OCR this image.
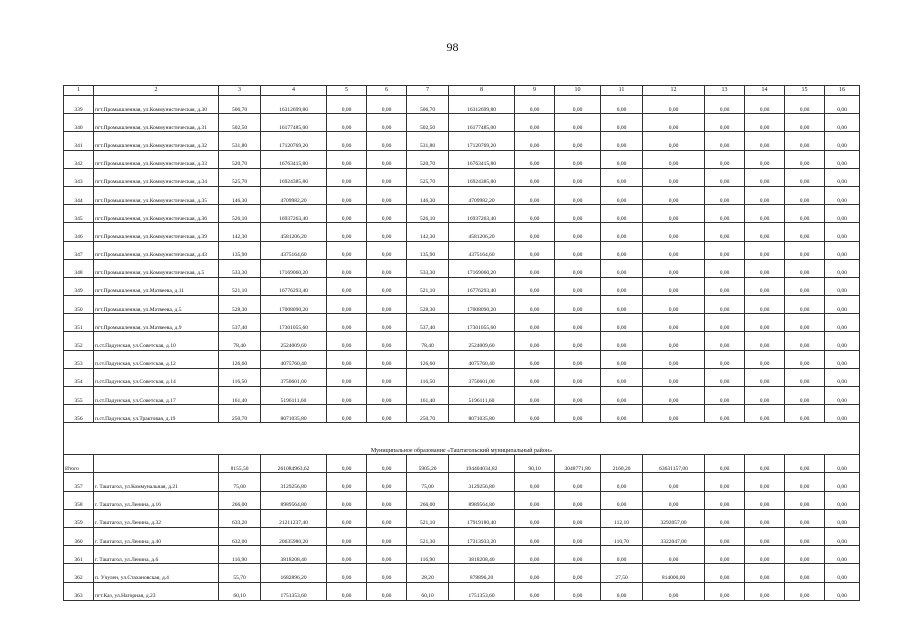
98
1	2	3	4	5	6	7	8	9	10	11	12	13	14	15	16
339	пгт.Промышленная, ул.Коммунистическая, д.30	506,70	16312699,80	0,00	0,00	506,70	16312699,80	0,00	0,00	0,00	0,00	0,00	0,00	0,00	0,00
340	пгт.Промышленная, ул.Коммунистическая, д.31	502,50	16177485,00	0,00	0,00	502,50	16177485,00	0,00	0,00	0,00	0,00	0,00	0,00	0,00	0,00
341	пгт.Промышленная, ул.Коммунистическая, д.32	531,80	17120769,20	0,00	0,00	531,80	17120769,20	0,00	0,00	0,00	0,00	0,00	0,00	0,00	0,00
342	пгт.Промышленная, ул.Коммунистическая, д.33	520,70	16763415,80	0,00	0,00	520,70	16763415,80	0,00	0,00	0,00	0,00	0,00	0,00	0,00	0,00
343	пгт.Промышленная, ул.Коммунистическая, д.34	525,70	16924385,80	0,00	0,00	525,70	16924385,80	0,00	0,00	0,00	0,00	0,00	0,00	0,00	0,00
344	пгт.Промышленная, ул.Коммунистическая, д.35	146,30	4709982,20	0,00	0,00	146,30	4709982,20	0,00	0,00	0,00	0,00	0,00	0,00	0,00	0,00
345	пгт.Промышленная, ул.Коммунистическая, д.36	526,10	16937263,40	0,00	0,00	526,10	16937263,40	0,00	0,00	0,00	0,00	0,00	0,00	0,00	0,00
346	пгт.Промышленная, ул.Коммунистическая, д.39	142,30	4581206,20	0,00	0,00	142,30	4581206,20	0,00	0,00	0,00	0,00	0,00	0,00	0,00	0,00
347	пгт.Промышленная, ул.Коммунистическая, д.43	135,90	4375164,60	0,00	0,00	135,90	4375164,60	0,00	0,00	0,00	0,00	0,00	0,00	0,00	0,00
348	пгт.Промышленная, ул.Коммунистическая, д.5	533,30	17169060,20	0,00	0,00	533,30	17169060,20	0,00	0,00	0,00	0,00	0,00	0,00	0,00	0,00
349	пгт.Промышленная, ул.Матвеева, д.11	521,10	16776293,40	0,00	0,00	521,10	16776293,40	0,00	0,00	0,00	0,00	0,00	0,00	0,00	0,00
350	пгт.Промышленная, ул.Матвеева, д.5	528,30	17008090,20	0,00	0,00	528,30	17008090,20	0,00	0,00	0,00	0,00	0,00	0,00	0,00	0,00
351	пгт.Промышленная, ул.Матвеева, д.9	537,40	17301055,60	0,00	0,00	537,40	17301055,60	0,00	0,00	0,00	0,00	0,00	0,00	0,00	0,00
352	п.ст.Падунская, ул.Советская, д.10	78,40	2524009,60	0,00	0,00	78,40	2524009,60	0,00	0,00	0,00	0,00	0,00	0,00	0,00	0,00
353	п.ст.Падунская, ул.Советская, д.12	126,60	4075760,40	0,00	0,00	126,60	4075760,40	0,00	0,00	0,00	0,00	0,00	0,00	0,00	0,00
354	п.ст.Падунская, ул.Советская, д.14	116,50	3750601,00	0,00	0,00	116,50	3750601,00	0,00	0,00	0,00	0,00	0,00	0,00	0,00	0,00
355	п.ст.Падунская, ул.Советская, д.17	161,40	5196111,60	0,00	0,00	161,40	5196111,60	0,00	0,00	0,00	0,00	0,00	0,00	0,00	0,00
356	п.ст.Падунская, ул.Трактовая, д.19	250,70	8071035,80	0,00	0,00	250,70	8071035,80	0,00	0,00	0,00	0,00	0,00	0,00	0,00	0,00
Муниципальное образование «Таштагольский муниципальный район»															
Итого		8155,50	261084963,62	0,00	0,00	5905,20	194404034,82	90,10	3048771,80	2160,20	63631157,00	0,00	0,00	0,00	0,00
357	г. Таштагол, ул.Коммунальная, д.21	75,00	3129256,80	0,00	0,00	75,00	3129256,80	0,00	0,00	0,00	0,00	0,00	0,00	0,00	0,00
358	г. Таштагол, ул.Ленина, д.16	266,00	8989564,80	0,00	0,00	266,00	8989564,80	0,00	0,00	0,00	0,00	0,00	0,00	0,00	0,00
359	г. Таштагол, ул.Ленина, д.32	633,20	21211237,40	0,00	0,00	521,10	17919180,40	0,00	0,00	112,10	3292057,00	0,00	0,00	0,00	0,00
360	г. Таштагол, ул.Ленина, д.40	632,00	20635980,20	0,00	0,00	521,30	17313933,20	0,00	0,00	110,70	3322047,00	0,00	0,00	0,00	0,00
361	г. Таштагол, ул.Ленина, д.6	116,90	3818208,40	0,00	0,00	116,90	3818208,40	0,00	0,00	0,00	0,00	0,00	0,00	0,00	0,00
362	п. Учулен, ул.Стахановская, д.4	55,70	1682896,20	0,00	0,00	28,20	878896,20	0,00	0,00	27,50	814000,00	0,00	0,00	0,00	0,00
363	пгт.Каз, ул.Нагорная, д.23	60,10	1751353,60	0,00	0,00	60,10	1751353,60	0,00	0,00	0,00	0,00	0,00	0,00	0,00	0,00
